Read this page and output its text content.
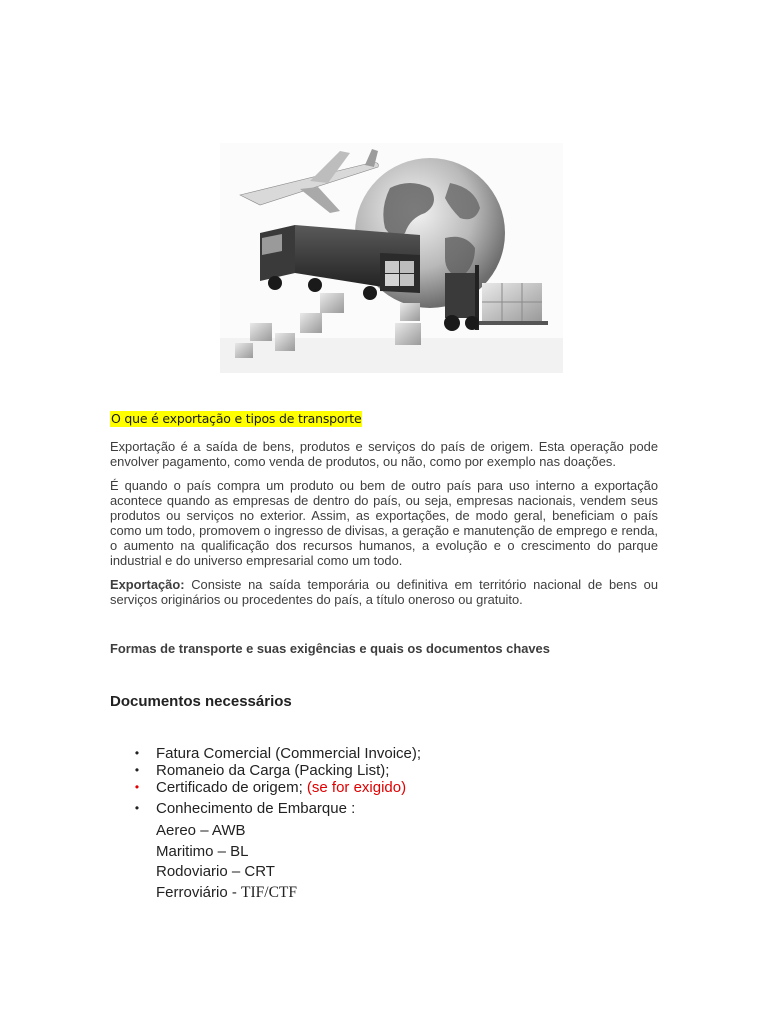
O que é exportação e tipos de transporte

Exportação é a saída de bens, produtos e serviços do país de origem. Esta operação pode envolver pagamento, como venda de produtos, ou não, como por exemplo nas doações.

É quando o país compra um produto ou bem de outro país para uso interno a exportação acontece quando as empresas de dentro do país, ou seja, empresas nacionais, vendem seus produtos ou serviços no exterior. Assim, as exportações, de modo geral, beneficiam o país como um todo, promovem o ingresso de divisas, a geração e manutenção de emprego e renda, o aumento na qualificação dos recursos humanos, a evolução e o crescimento do parque industrial e do universo empresarial como um todo.

Exportação: Consiste na saída temporária ou definitiva em território nacional de bens ou serviços originários ou procedentes do país, a título oneroso ou gratuito.

Formas de transporte e suas exigências e quais os documentos chaves
Documentos necessários
• Fatura Comercial (Commercial Invoice);
• Romaneio da Carga (Packing List);
• Certificado de origem; (se for exigido)
• Conhecimento de Embarque :
Aereo – AWB
Maritimo – BL
Rodoviario – CRT
Ferroviário - TIF/CTF
